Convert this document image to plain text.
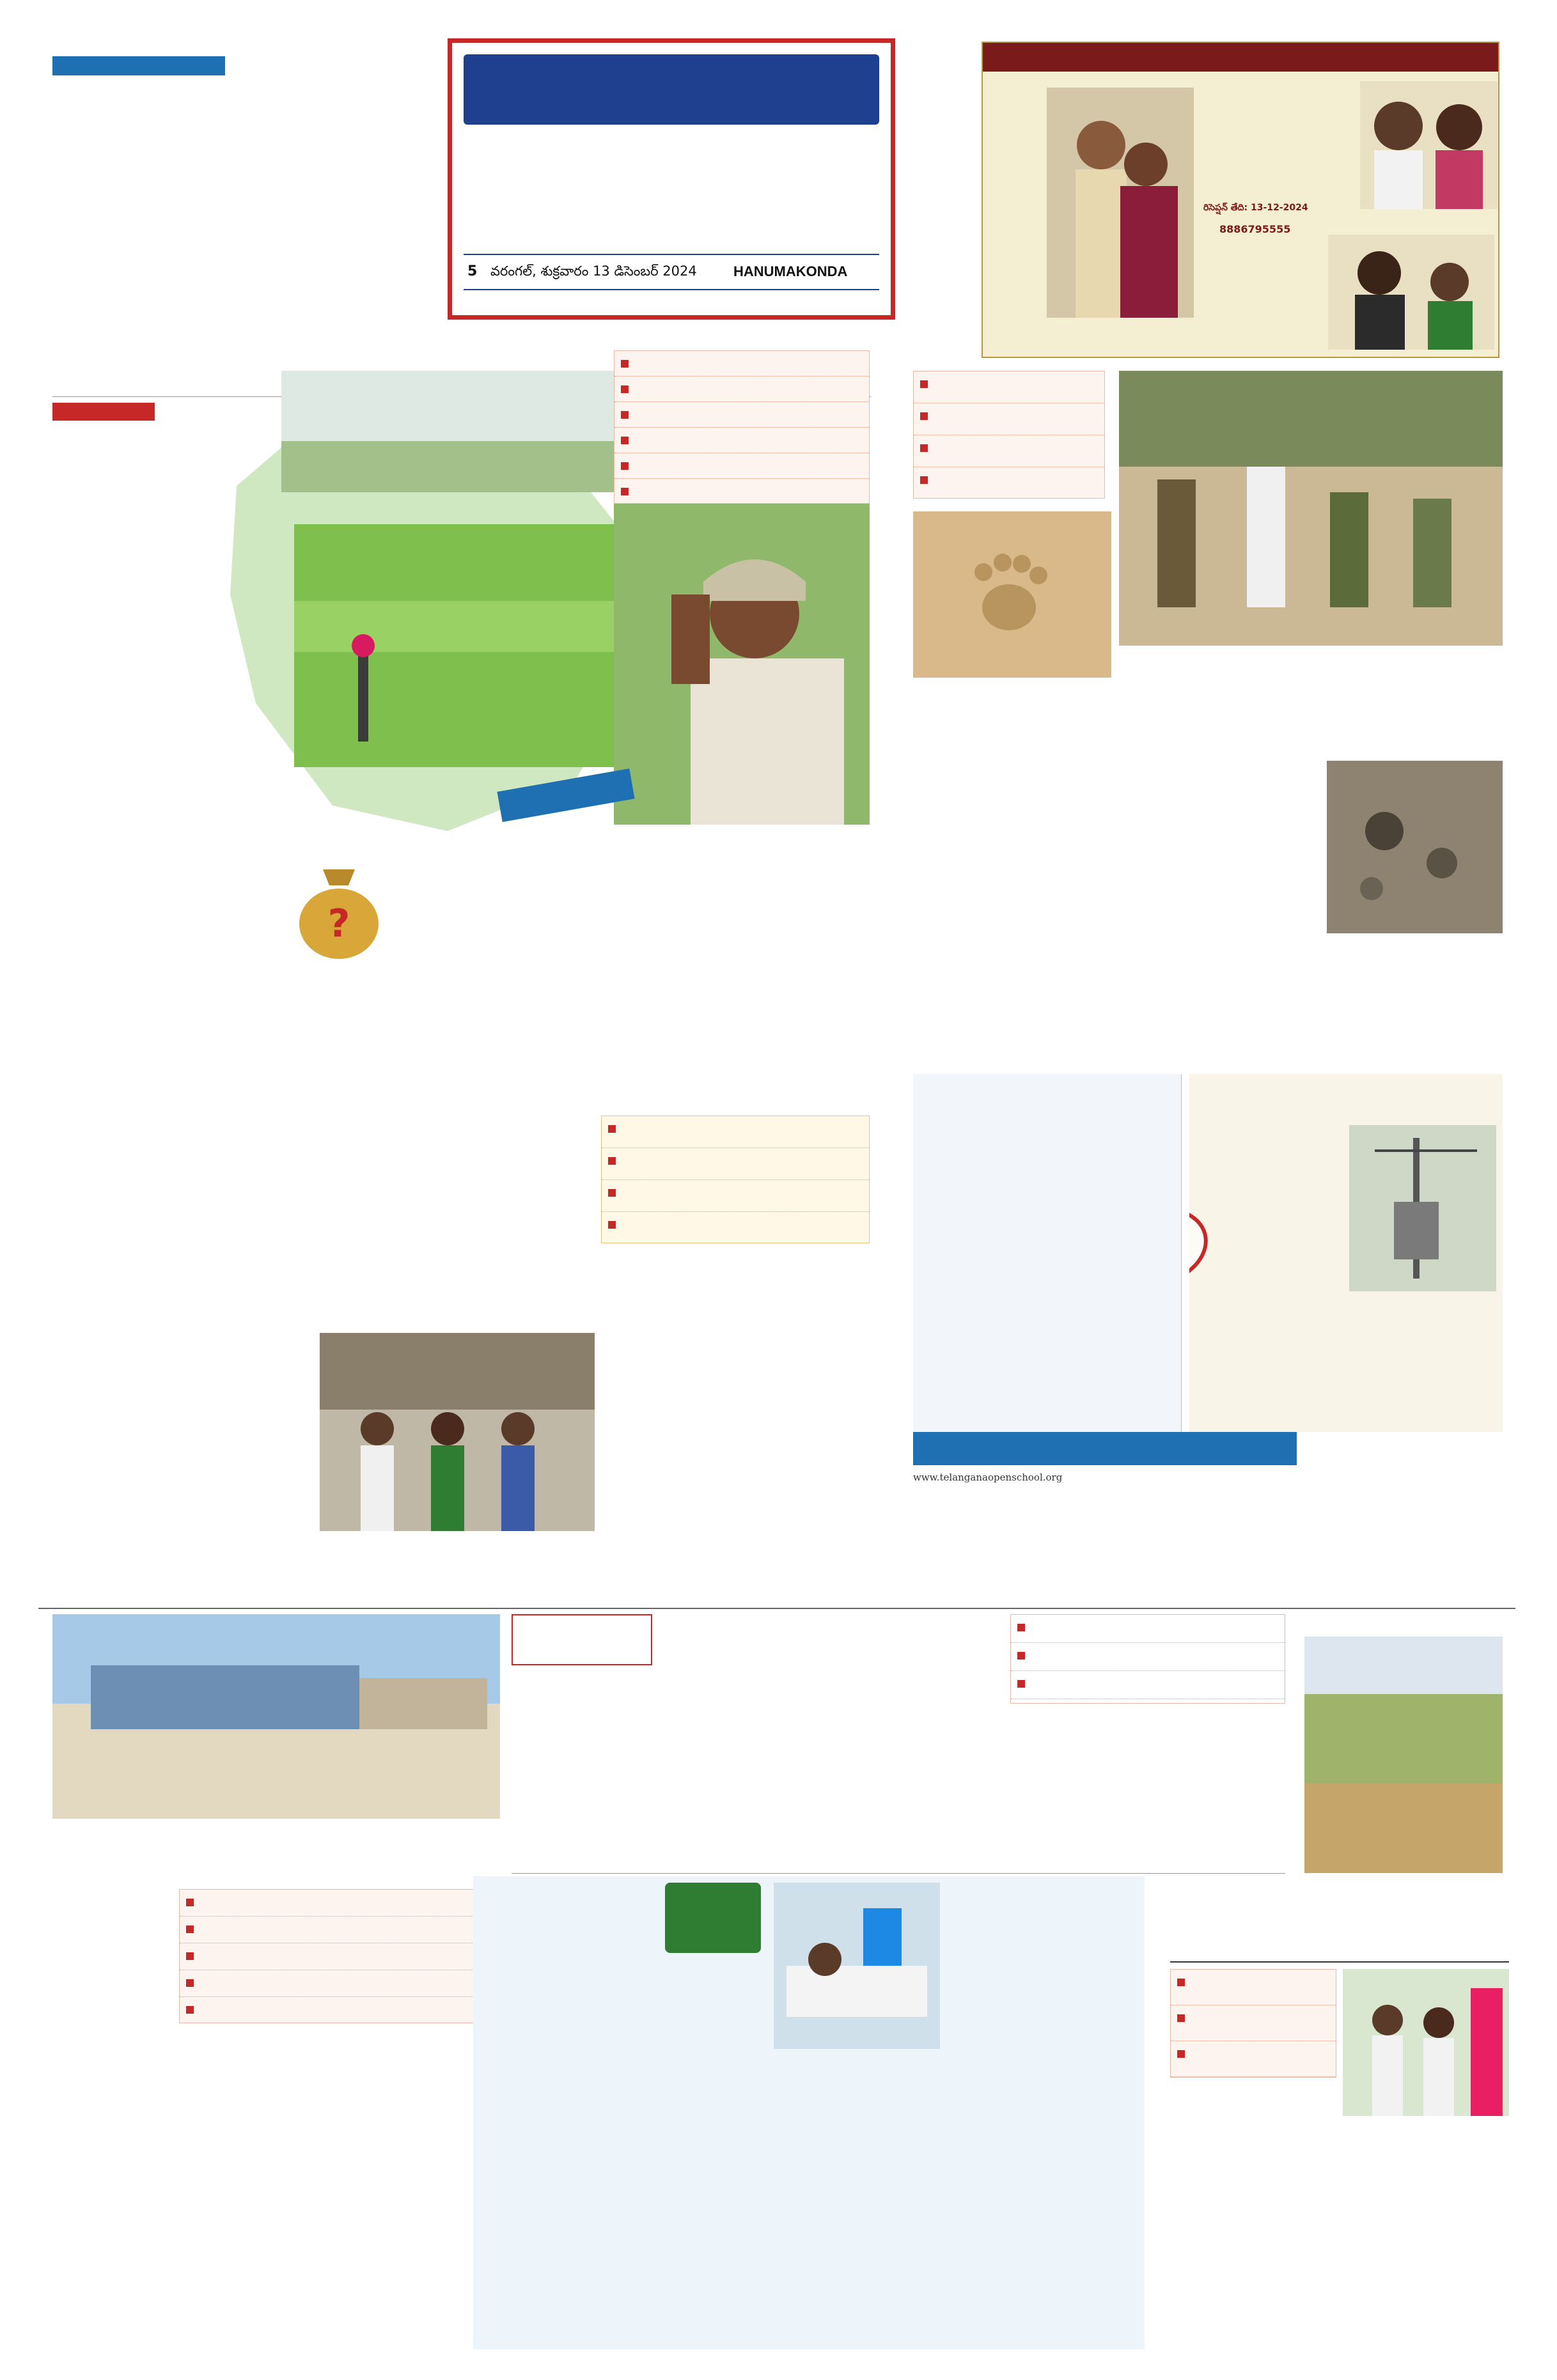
5 వరంగల్, శుక్రవారం 13 డిసెంబర్ 2024	HANUMAKONDA
రిసెప్షన్ తేది: 13-12-2024
8886795555
?
www.telanganaopenschool.org
